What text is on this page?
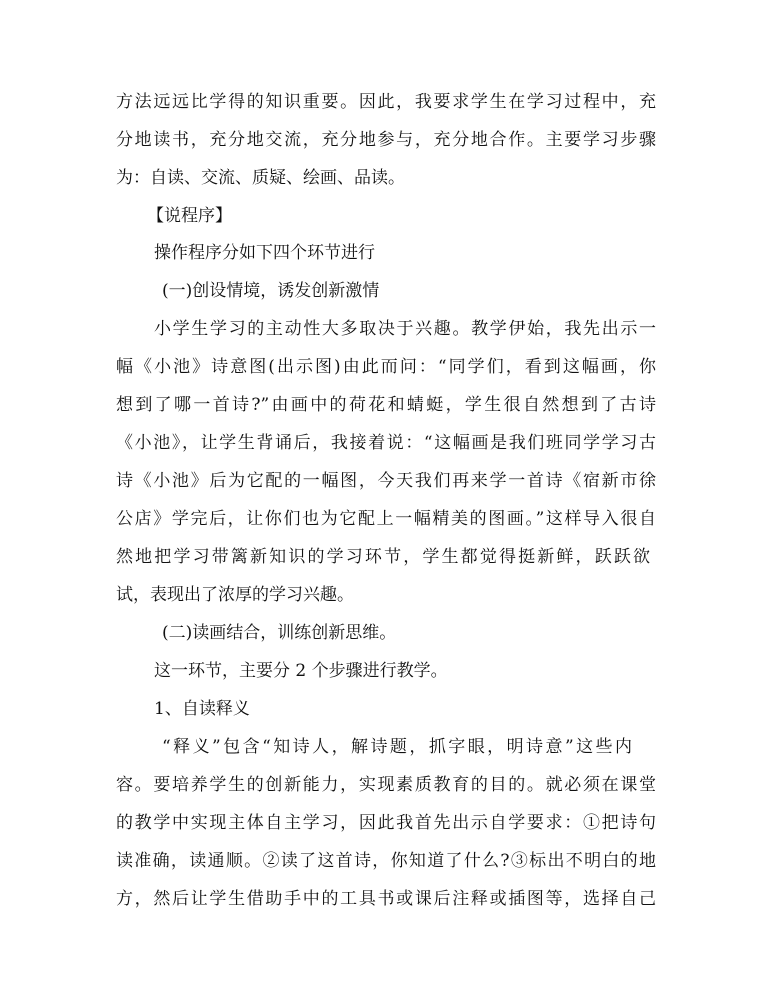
方法远远比学得的知识重要。因此，我要求学生在学习过程中，充
分地读书，充分地交流，充分地参与，充分地合作。主要学习步骤
为：自读、交流、质疑、绘画、品读。
【说程序】
操作程序分如下四个环节进行
(一)创设情境，诱发创新激情
小学生学习的主动性大多取决于兴趣。教学伊始，我先出示一
幅《小池》诗意图(出示图)由此而问：“同学们，看到这幅画，你
想到了哪一首诗?”由画中的荷花和蜻蜓，学生很自然想到了古诗
《小池》，让学生背诵后，我接着说：“这幅画是我们班同学学习古
诗《小池》后为它配的一幅图，今天我们再来学一首诗《宿新市徐
公店》学完后，让你们也为它配上一幅精美的图画。”这样导入很自
然地把学习带篱新知识的学习环节，学生都觉得挺新鲜，跃跃欲
试，表现出了浓厚的学习兴趣。
(二)读画结合，训练创新思维。
这一环节，主要分 2 个步骤进行教学。
1、自读释义
“释义”包含“知诗人，解诗题，抓字眼，明诗意”这些内
容。要培养学生的创新能力，实现素质教育的目的。就必须在课堂
的教学中实现主体自主学习，因此我首先出示自学要求：①把诗句
读准确，读通顺。②读了这首诗，你知道了什么?③标出不明白的地
方，然后让学生借助手中的工具书或课后注释或插图等，选择自己
